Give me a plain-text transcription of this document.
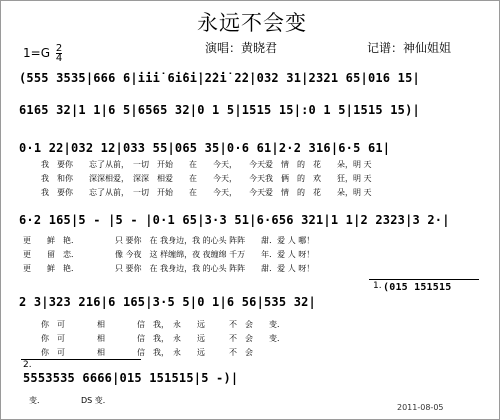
永远不会变
演唱：黄晓君	记谱：神仙姐姐
$1=G \frac{2}{4}$
(555 3535|666 6|i̇i̇i̇ 6i̇6i̇|2̇2̇i̇ 2̇2̇|032 31|2321 65|016 15|
6165 32|1 1|6 5|6565 32|0 1 5|1515 15|:0 1 5|1515 15)|
0·1 22|032 12|033 55|065 35|0·6 61|2·2 316|6·5 61|
我　要你　　忘了从前，　一切　开始　　在　　今天，　　今天爱　情　的　花　　朵，明 天
我　和你　　深深相爱，　深深　相爱　　在　　今天，　　今天我　俩　的　欢　　狂，明 天
我　要你　　忘了从前，　一切　开始　　在　　今天，　　今天爱　情　的　花　　朵，明 天
6·2 165|5 - |5 - |0·1 65|3·3 51|6·656 321|1 1|2 2323|3 2·|
更　　鲜　艳．　　　　　只 要你　在 我身边，我 的心头 阵阵　　甜．爱 人 哪！
更　　留　恋．　　　　　像 今夜　这 样缠绵，夜 夜缠绵 千万　　年．爱 人 呀！
更　　鲜　艳．　　　　　只 要你　在 我身边，我 的心头 阵阵　　甜．爱 人 呀！
2 3|323 216|6 165|3·5 5|0 1|6 56|535 32|
1. (015 151515
你　可　　　　相　　　　信　我，　永　　远　　　不　会　　变．
你　可　　　　相　　　　信　我，　永　　远　　　不　会　　变．
你　可　　　　相　　　　信　我，　永　　远　　　不　会
2.
5553535 6666|015 151515|5 -)|
变．　　　　　DS 变．
2011-08-05
